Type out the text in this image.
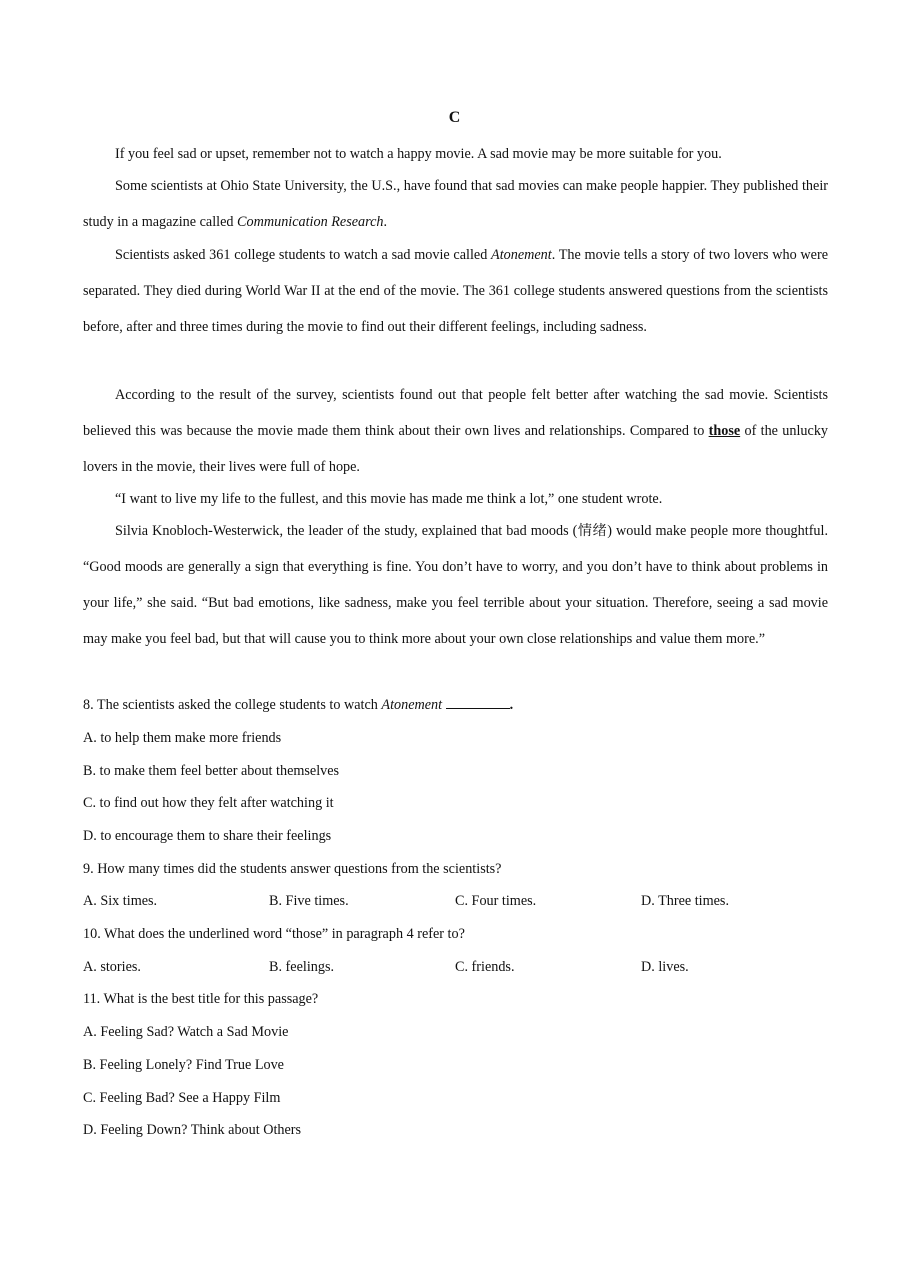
C

If you feel sad or upset, remember not to watch a happy movie. A sad movie may be more suitable for you.

Some scientists at Ohio State University, the U.S., have found that sad movies can make people happier. They published their study in a magazine called Communication Research.

Scientists asked 361 college students to watch a sad movie called Atonement. The movie tells a story of two lovers who were separated. They died during World War II at the end of the movie. The 361 college students answered questions from the scientists before, after and three times during the movie to find out their different feelings, including sadness.

According to the result of the survey, scientists found out that people felt better after watching the sad movie. Scientists believed this was because the movie made them think about their own lives and relationships. Compared to those of the unlucky lovers in the movie, their lives were full of hope.

“I want to live my life to the fullest, and this movie has made me think a lot,” one student wrote.

Silvia Knobloch-Westerwick, the leader of the study, explained that bad moods (情绪) would make people more thoughtful. “Good moods are generally a sign that everything is fine. You don’t have to worry, and you don’t have to think about problems in your life,” she said. “But bad emotions, like sadness, make you feel terrible about your situation. Therefore, seeing a sad movie may make you feel bad, but that will cause you to think more about your own close relationships and value them more.”

8. The scientists asked the college students to watch Atonement	.
A. to help them make more friends
B. to make them feel better about themselves
C. to find out how they felt after watching it
D. to encourage them to share their feelings
9. How many times did the students answer questions from the scientists?
A. Six times.	B. Five times.	C. Four times.	D. Three times.
10. What does the underlined word “those” in paragraph 4 refer to?
A. stories.	B. feelings.	C. friends.	D. lives.
11. What is the best title for this passage?
A. Feeling Sad? Watch a Sad Movie
B. Feeling Lonely? Find True Love
C. Feeling Bad? See a Happy Film
D. Feeling Down? Think about Others
